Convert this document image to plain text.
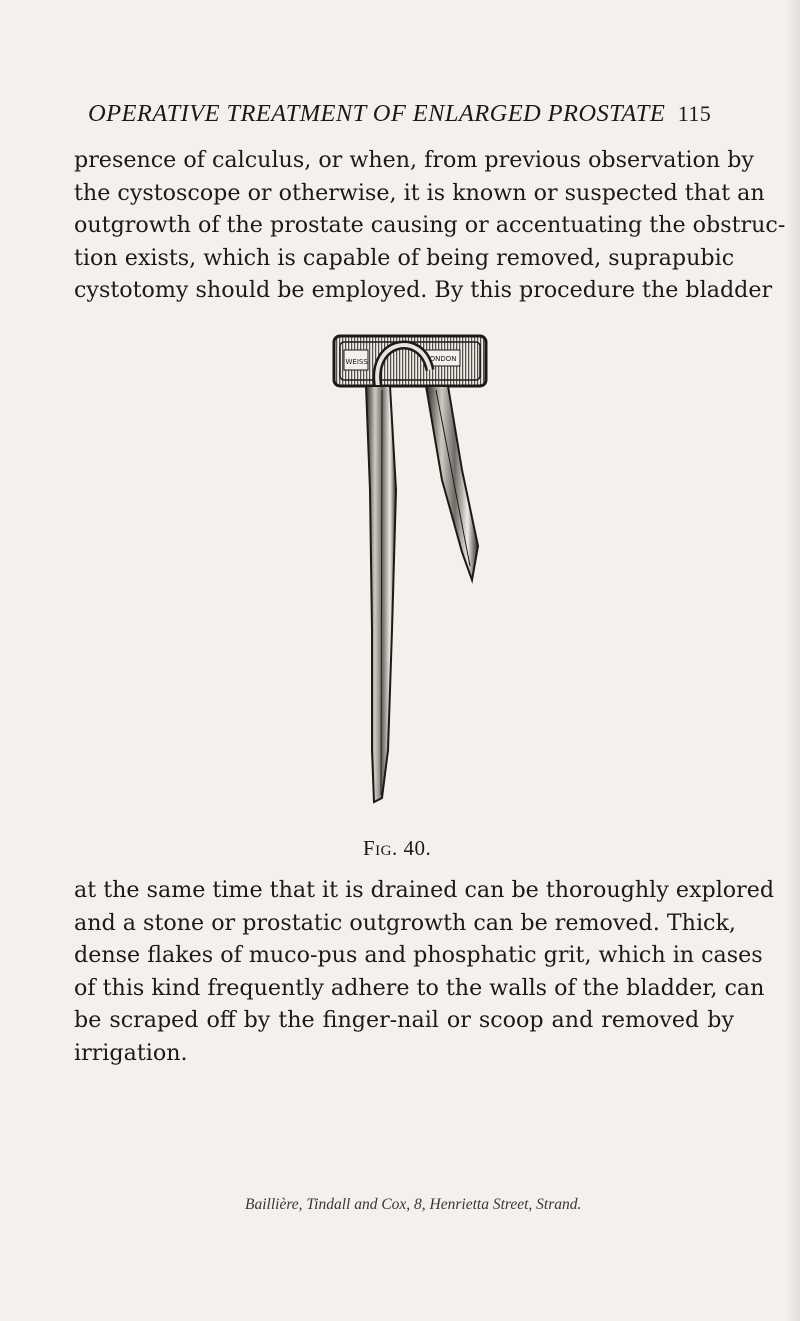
OPERATIVE TREATMENT OF ENLARGED PROSTATE 115
presence of calculus, or when, from previous observation by
the cystoscope or otherwise, it is known or suspected that an
outgrowth of the prostate causing or accentuating the obstruc-
tion exists, which is capable of being removed, suprapubic
cystotomy should be employed. By this procedure the bladder
WEISS	LONDON
Fig. 40.
at the same time that it is drained can be thoroughly explored
and a stone or prostatic outgrowth can be removed. Thick,
dense flakes of muco-pus and phosphatic grit, which in cases
of this kind frequently adhere to the walls of the bladder, can
be scraped off by the finger-nail or scoop and removed by
irrigation.
Baillière, Tindall and Cox, 8, Henrietta Street, Strand.
